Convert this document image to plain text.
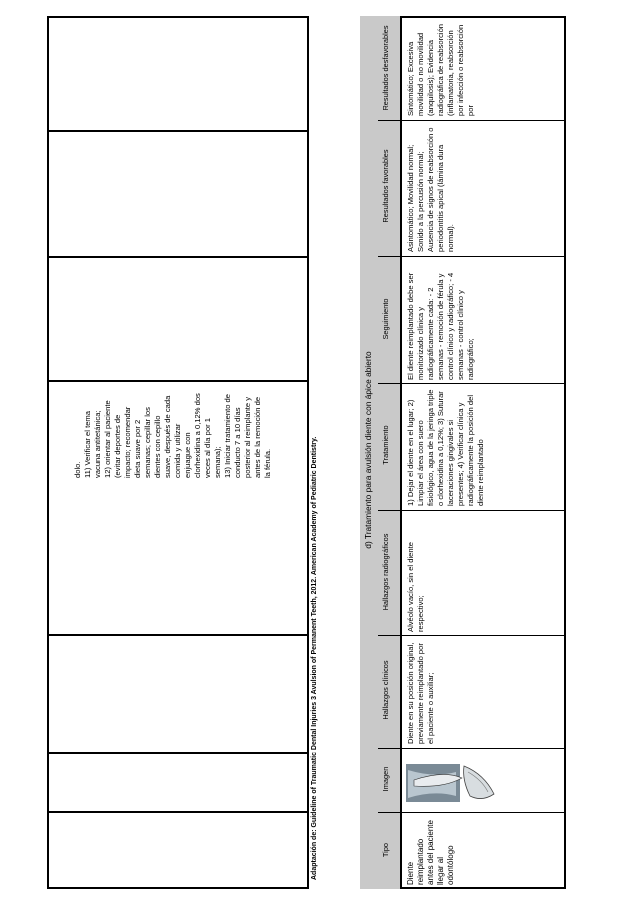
dolo. 11) Verificar el tema vacuna antitetánica; 12) orientar al paciente (evitar deportes de impacto; recomendar dieta suave por 2 semanas; cepillar los dientes con cepillo suave, después de cada comida y utilizar enjuague con clorhexidina a 0,12% dos veces al día por 1 semana); 13) Iniciar tratamiento de conducto 7 a 10 días posterior al reimplante y antes de la remoción de la férula.	Adaptación de: Guideline of Traumatic Dental Injuries 3 Avulsion of Permanent Teeth, 2012. American Academy of Pediatric Dentistry.	d) Tratamiento para avulsión diente con ápice abierto
Tipo
Imagen
Hallazgos clínicos
Hallazgos radiográficos
Tratamiento
Seguimiento
Resultados favorables
Resultados desfavorables
Diente reimplantado antes del paciente llegar al odontólogo
Diente en su posición original, previamente reimplantado por el paciente o auxiliar;
Alvéolo vacío, sin el diente respectivo;
1) Dejar el diente en el lugar; 2) Limpiar el área con suero fisiológico, agua de la jeringa triple o clorhexidina a 0,12%; 3) Suturar laceraciones gingivales si presentes; 4) Verificar clínica y radiográficamente la posición del diente reimplantado
El diente reimplantado debe ser monitorizado clínica y radiográficamente cada: - 2 semanas - remoción de férula y control clínico y radiográfico; - 4 semanas - control clínico y radiográfico;
Asintomático; Movilidad normal; Sonido a la percusión normal; Ausencia de signos de reabsorción o periodontitis apical (lámina dura normal).
Sintomático; Excesiva movilidad o no movilidad (anquilosis); Evidencia radiográfica de reabsorción (inflamatoria, reabsorción por infección o reabsorción por
